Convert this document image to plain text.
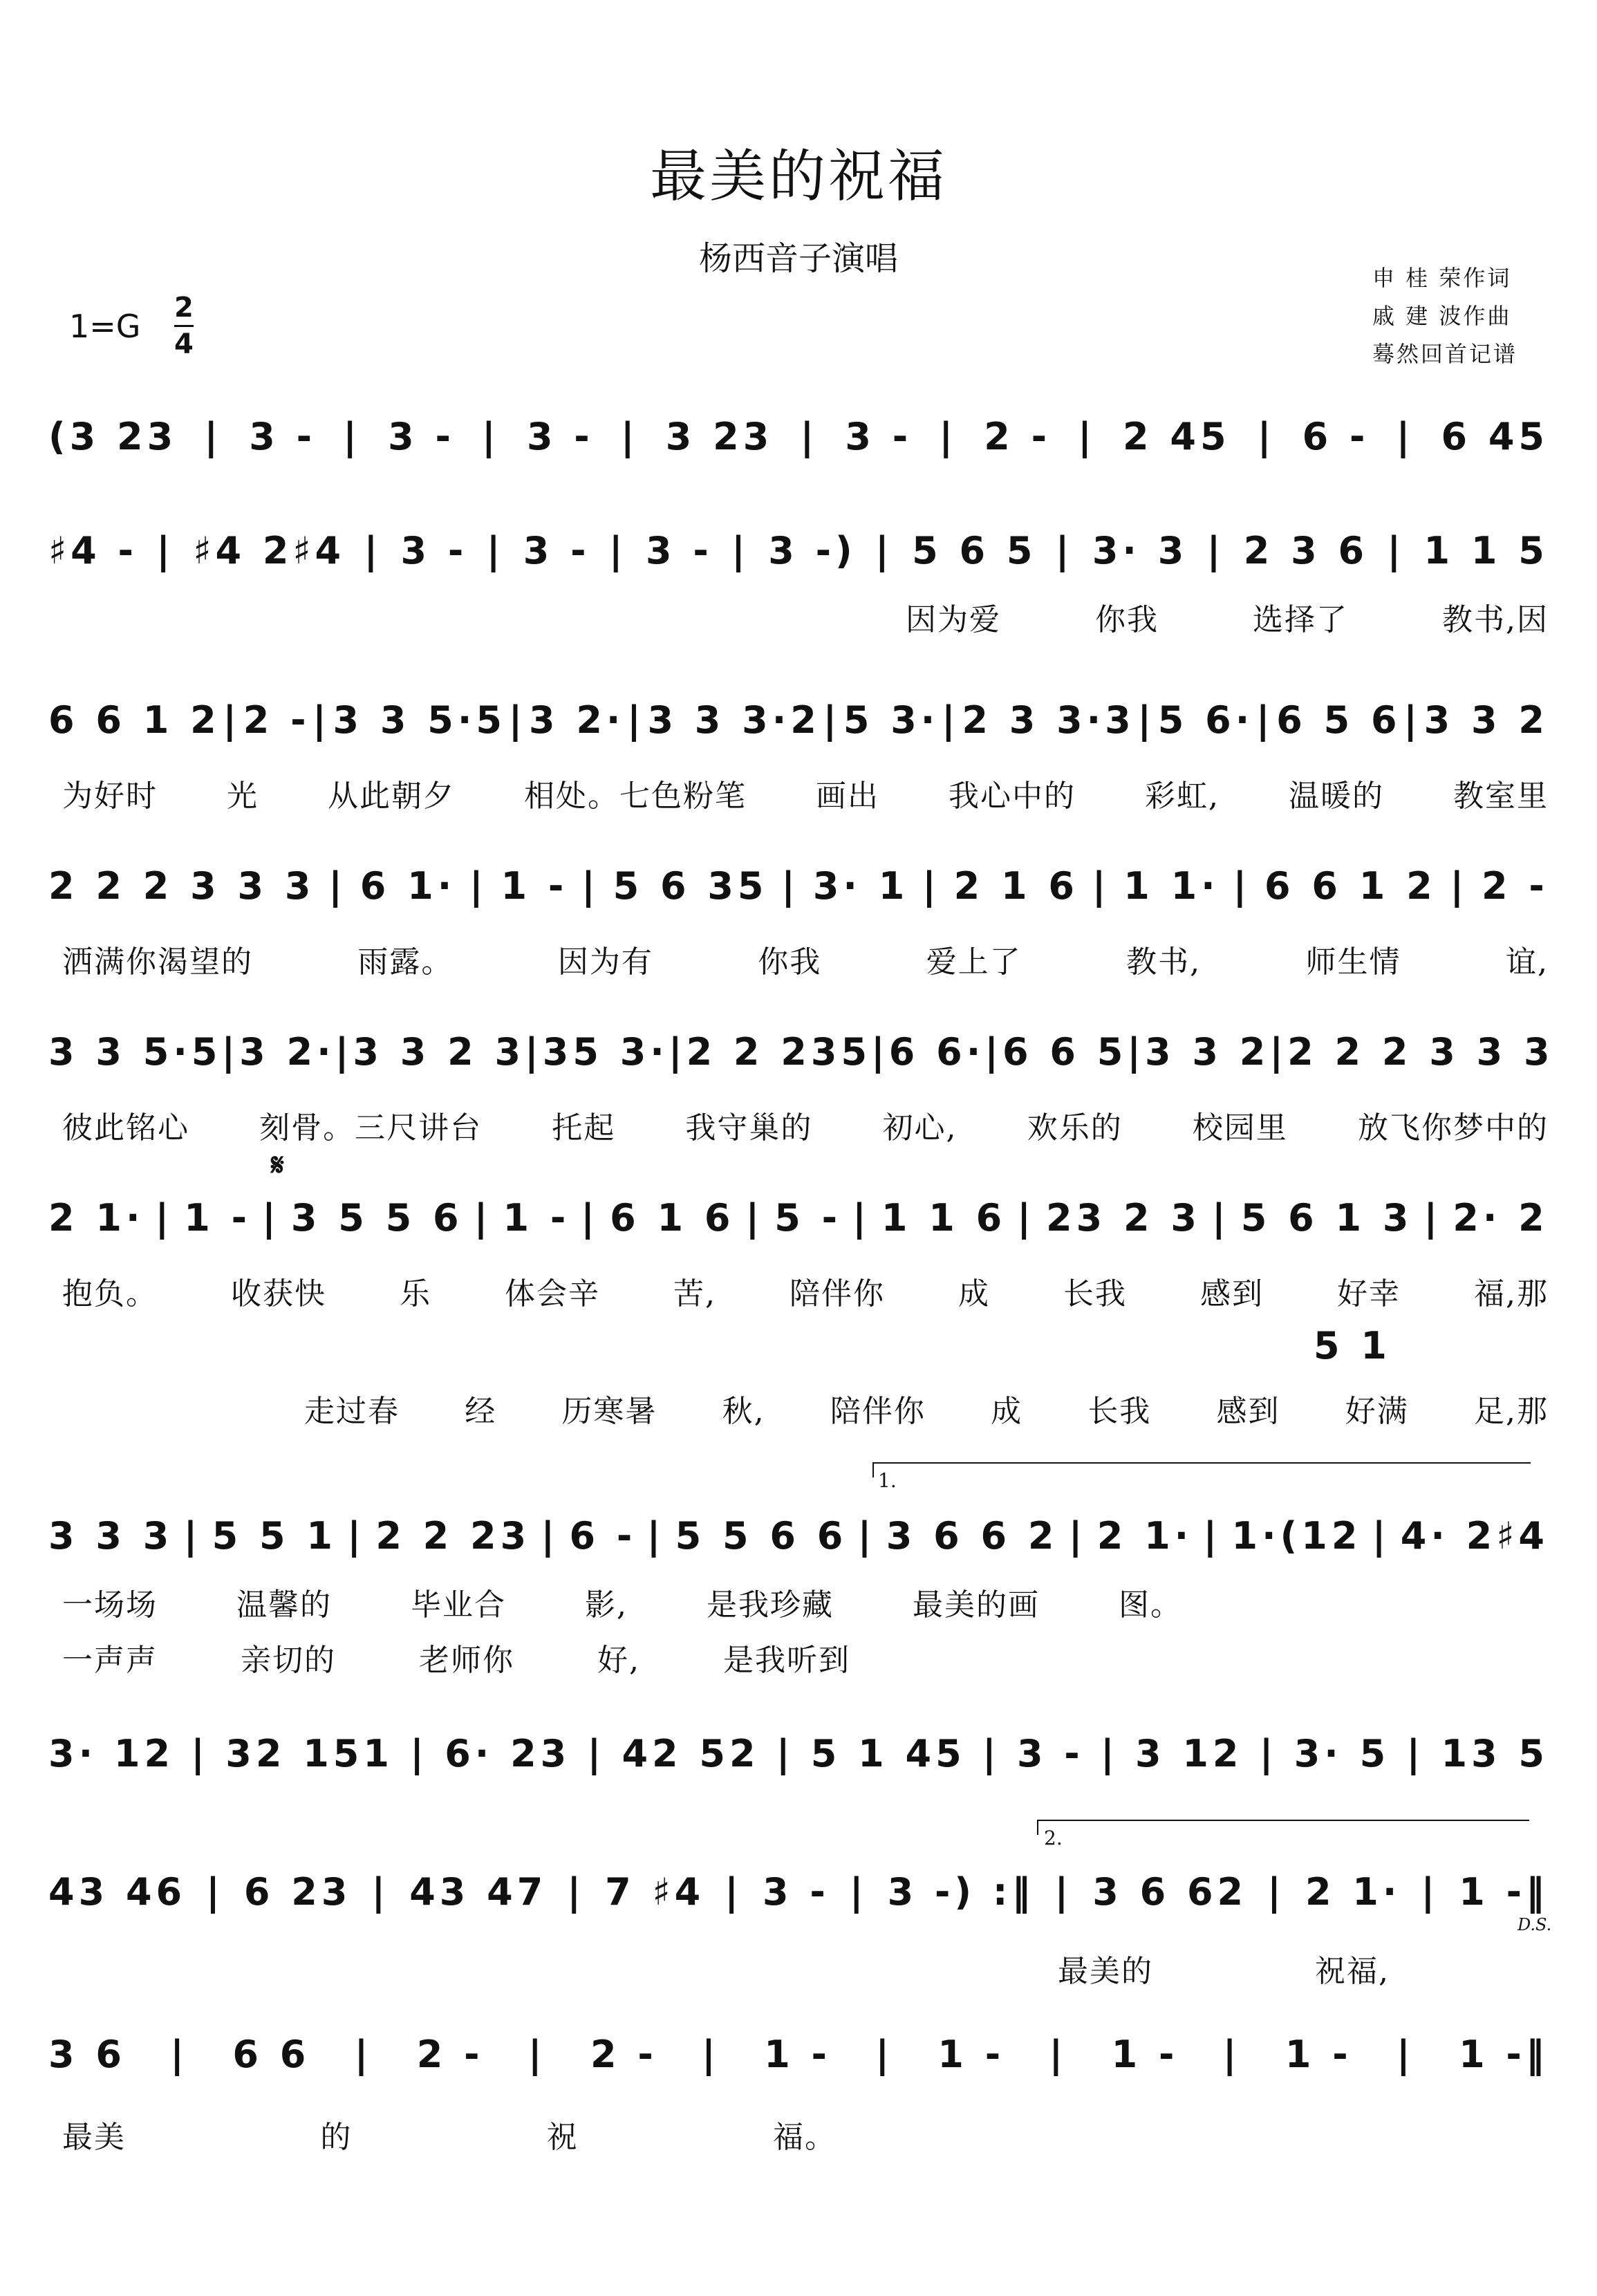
最美的祝福
杨西音子演唱	申 桂 荣作词
戚 建 波作曲
蓦然回首记谱
1=G 2
4
(3 23 | 3 - | 3 - | 3 - | 3 23 | 3 - | 2 - | 2 45 | 6 - | 6 45
♯4 - | ♯4 2♯4 | 3 - | 3 - | 3 - | 3 -) | 5 6 5 | 3· 3 | 2 3 6 | 1 1 5
因为爱	你我	选择了	教书,因
6 6 1 2 | 2 - | 3 3 5·5 | 3 2· | 3 3 3·2 | 5 3· | 2 3 3·3 | 5 6· | 6 5 6 | 3 3 2
为好时 光 从此朝夕 相处。七色粉笔 画出 我心中的 彩虹, 温暖的 教室里
2 2 2 3 3 3 | 6 1· | 1 - | 5 6 35 | 3· 1 | 2 1 6 | 1 1· | 6 6 1 2 | 2 -
洒满你渴望的	雨露。	因为有	你我	爱上了	教书,	师生情	谊,
3 3 5·5 | 3 2· | 3 3 2 3 | 35 3· | 2 2 235 | 6 6· | 6 6 5 | 3 3 2 | 2 2 2 3 3 3
彼此铭心 刻骨。三尺讲台 托起 我守巢的 初心, 欢乐的 校园里 放飞你梦中的
2 1· | 1 - | 3 5 5 6 | 1 - | 6 1 6 | 5 - | 1 1 6 | 23 2 3 | 5 6 1 3 | 2· 2
抱负。 收获快 乐 体会辛 苦, 陪伴你 成 长我 感到 好幸 福,那
5 1
走过春 经 历寒暑 秋, 陪伴你 成 长我 感到 好满 足,那
3 3 3 | 5 5 1 | 2 2 23 | 6 - | 5 5 6 6 | 3 6 6 2 | 2 1· | 1·(12 | 4· 2♯4
一场场	温馨的	毕业合	影,	是我珍藏	最美的画	图。
一声声	亲切的	老师你	好,	是我听到
3· 12 | 32 151 | 6· 23 | 42 52 | 5 1 45 | 3 - | 3 12 | 3· 5 | 13 5
43 46 | 6 23 | 43 47 | 7 ♯4 | 3 - | 3 -) :‖ | 3 6 62 | 2 1· | 1 -‖
最美的	祝福,
3 6 | 6 6 | 2 - | 2 - | 1 - | 1 - | 1 - | 1 - | 1 -‖
最美	的	祝	福。
1.
2.
𝄋
D.S.
